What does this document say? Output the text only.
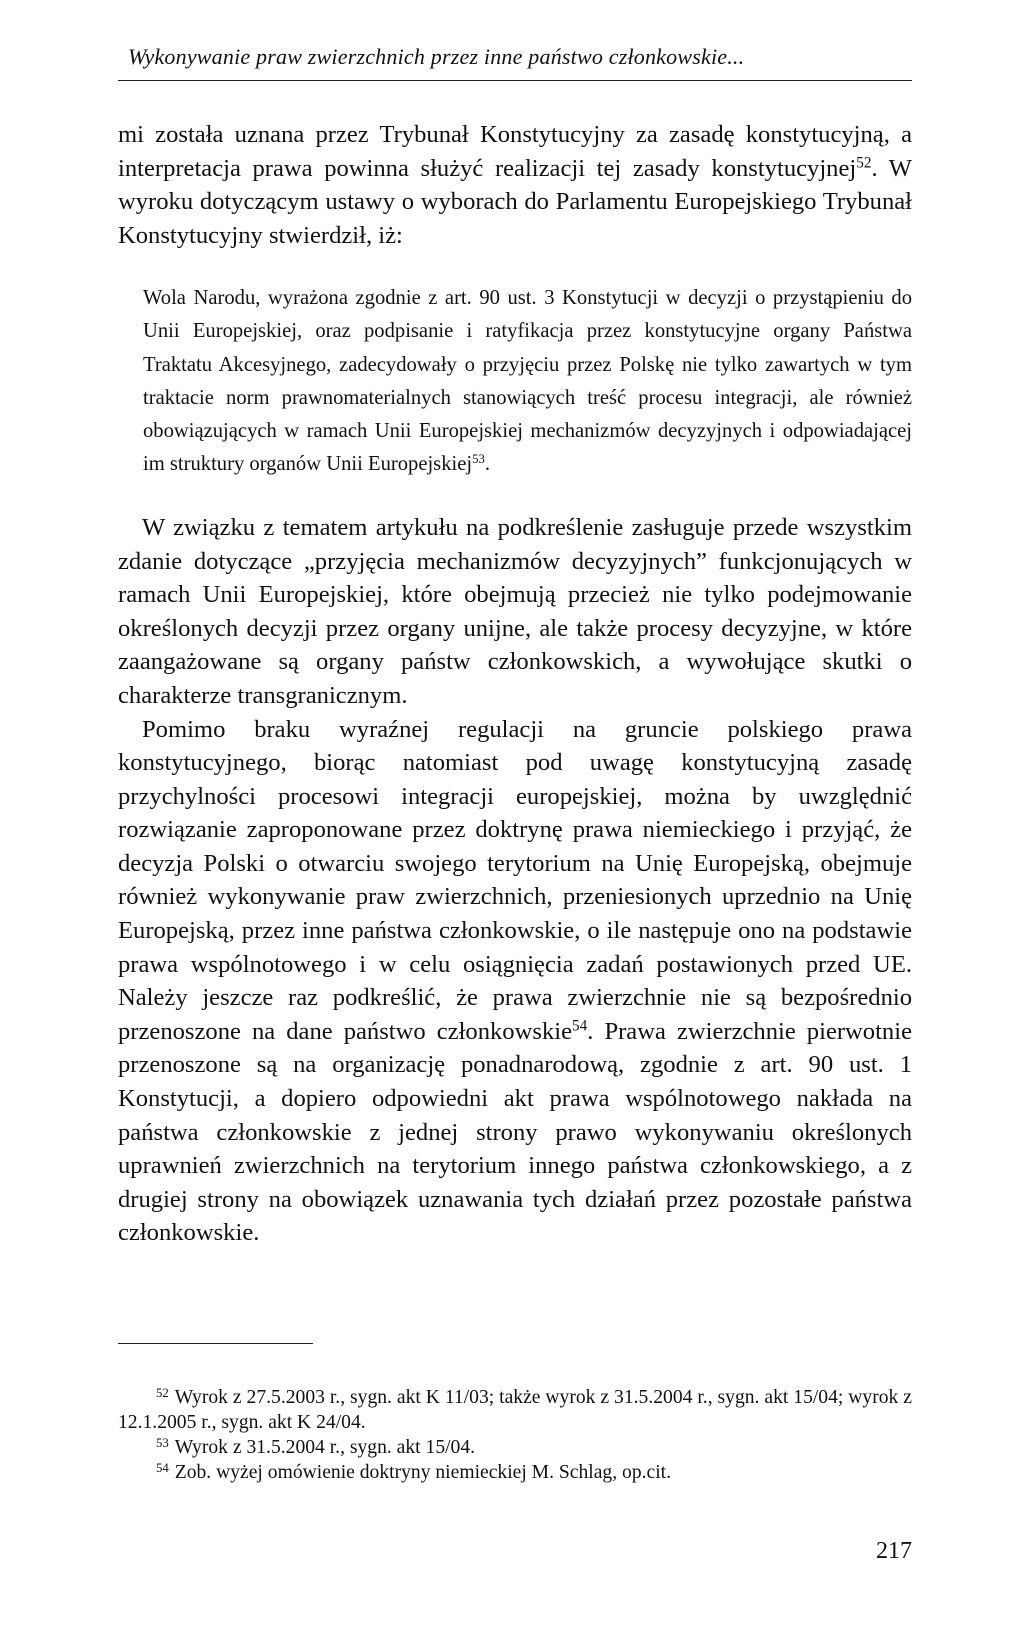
Wykonywanie praw zwierzchnich przez inne państwo członkowskie...

mi została uznana przez Trybunał Konstytucyjny za zasadę konstytucyjną, a interpretacja prawa powinna służyć realizacji tej zasady konstytucyjnej$^{52}$. W wyroku dotyczącym ustawy o wyborach do Parlamentu Europejskiego Trybunał Konstytucyjny stwierdził, iż:

Wola Narodu, wyrażona zgodnie z art. 90 ust. 3 Konstytucji w decyzji o przystąpieniu do Unii Europejskiej, oraz podpisanie i ratyfikacja przez konstytucyjne organy Państwa Traktatu Akcesyjnego, zadecydowały o przyjęciu przez Polskę nie tylko zawartych w tym traktacie norm prawnomaterialnych stanowiących treść procesu integracji, ale również obowiązujących w ramach Unii Europejskiej mechanizmów decyzyjnych i odpowiadającej im struktury organów Unii Europejskiej$^{53}$.

W związku z tematem artykułu na podkreślenie zasługuje przede wszystkim zdanie dotyczące „przyjęcia mechanizmów decyzyjnych” funkcjonujących w ramach Unii Europejskiej, które obejmują przecież nie tylko podejmowanie określonych decyzji przez organy unijne, ale także procesy decyzyjne, w które zaangażowane są organy państw członkowskich, a wywołujące skutki o charakterze transgranicznym.

Pomimo braku wyraźnej regulacji na gruncie polskiego prawa konstytucyjnego, biorąc natomiast pod uwagę konstytucyjną zasadę przychylności procesowi integracji europejskiej, można by uwzględnić rozwiązanie zaproponowane przez doktrynę prawa niemieckiego i przyjąć, że decyzja Polski o otwarciu swojego terytorium na Unię Europejską, obejmuje również wykonywanie praw zwierzchnich, przeniesionych uprzednio na Unię Europejską, przez inne państwa członkowskie, o ile następuje ono na podstawie prawa wspólnotowego i w celu osiągnięcia zadań postawionych przed UE. Należy jeszcze raz podkreślić, że prawa zwierzchnie nie są bezpośrednio przenoszone na dane państwo członkowskie$^{54}$. Prawa zwierzchnie pierwotnie przenoszone są na organizację ponadnarodową, zgodnie z art. 90 ust. 1 Konstytucji, a dopiero odpowiedni akt prawa wspólnotowego nakłada na państwa członkowskie z jednej strony prawo wykonywaniu określonych uprawnień zwierzchnich na terytorium innego państwa członkowskiego, a z drugiej strony na obowiązek uznawania tych działań przez pozostałe państwa członkowskie.

$^{52}$ Wyrok z 27.5.2003 r., sygn. akt K 11/03; także wyrok z 31.5.2004 r., sygn. akt 15/04; wyrok z 12.1.2005 r., sygn. akt K 24/04.

$^{53}$ Wyrok z 31.5.2004 r., sygn. akt 15/04.

$^{54}$ Zob. wyżej omówienie doktryny niemieckiej M. Schlag, op.cit.

217
